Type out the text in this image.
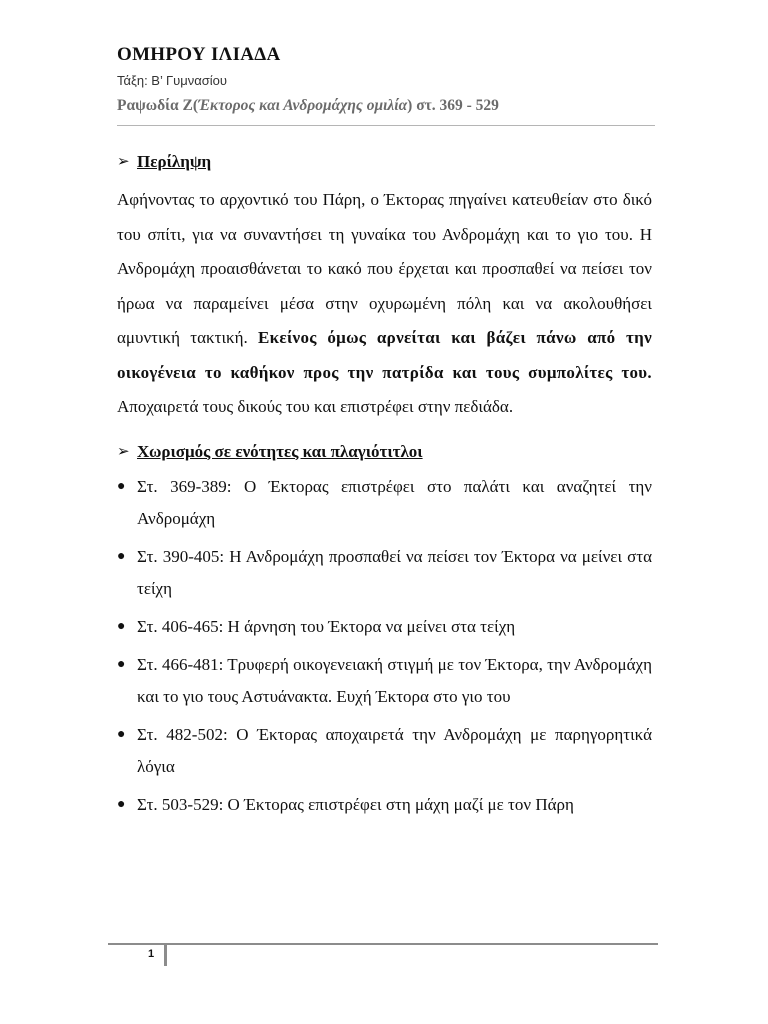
ΟΜΗΡΟΥ ΙΛΙΑΔΑ

Τάξη: Β’ Γυμνασίου

Ραψωδία Ζ(Έκτορος και Ανδρομάχης ομιλία) στ. 369 - 529

➢ Περίληψη

Αφήνοντας το αρχοντικό του Πάρη, ο Έκτορας πηγαίνει κατευθείαν στο δικό του σπίτι, για να συναντήσει τη γυναίκα του Ανδρομάχη και το γιο του. Η Ανδρομάχη προαισθάνεται το κακό που έρχεται και προσπαθεί να πείσει τον ήρωα να παραμείνει μέσα στην οχυρωμένη πόλη και να ακολουθήσει αμυντική τακτική. Εκείνος όμως αρνείται και βάζει πάνω από την οικογένεια το καθήκον προς την πατρίδα και τους συμπολίτες του. Αποχαιρετά τους δικούς του και επιστρέφει στην πεδιάδα.

➢ Χωρισμός σε ενότητες και πλαγιότιτλοι
● Στ. 369-389: Ο Έκτορας επιστρέφει στο παλάτι και αναζητεί την Ανδρομάχη
● Στ. 390-405: Η Ανδρομάχη προσπαθεί να πείσει τον Έκτορα να μείνει στα τείχη
● Στ. 406-465: Η άρνηση του Έκτορα να μείνει στα τείχη
● Στ. 466-481: Τρυφερή οικογενειακή στιγμή με τον Έκτορα, την Ανδρομάχη και το γιο τους Αστυάνακτα. Ευχή Έκτορα στο γιο του
● Στ. 482-502: Ο Έκτορας αποχαιρετά την Ανδρομάχη με παρηγορητικά λόγια
● Στ. 503-529: Ο Έκτορας επιστρέφει στη μάχη μαζί με τον Πάρη
1
